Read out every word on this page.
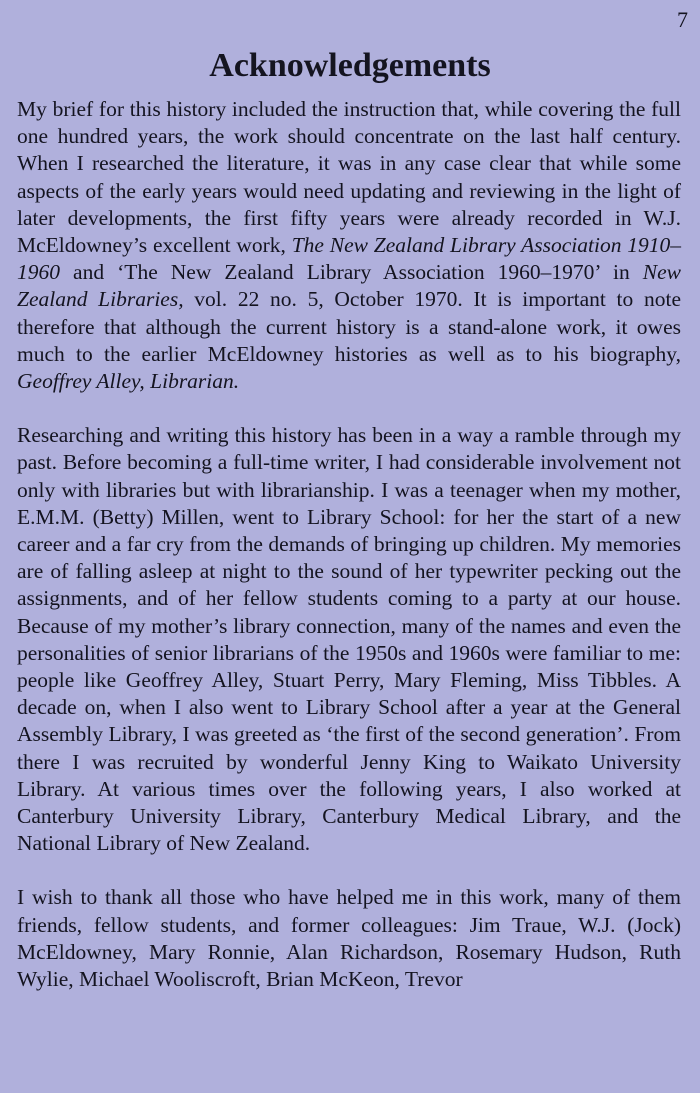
7
Acknowledgements

My brief for this history included the instruction that, while covering the full one hundred years, the work should concentrate on the last half century. When I researched the literature, it was in any case clear that while some aspects of the early years would need updating and reviewing in the light of later developments, the first fifty years were already recorded in W.J. McEldowney’s excellent work, The New Zealand Library Association 1910–1960 and ‘The New Zealand Library Association 1960–1970’ in New Zealand Libraries, vol. 22 no. 5, October 1970. It is important to note therefore that although the current history is a stand-alone work, it owes much to the earlier McEldowney histories as well as to his biography, Geoffrey Alley, Librarian.

Researching and writing this history has been in a way a ramble through my past. Before becoming a full-time writer, I had considerable involvement not only with libraries but with librarianship. I was a teenager when my mother, E.M.M. (Betty) Millen, went to Library School: for her the start of a new career and a far cry from the demands of bringing up children. My memories are of falling asleep at night to the sound of her typewriter pecking out the assignments, and of her fellow students coming to a party at our house. Because of my mother’s library connection, many of the names and even the personalities of senior librarians of the 1950s and 1960s were familiar to me: people like Geoffrey Alley, Stuart Perry, Mary Fleming, Miss Tibbles. A decade on, when I also went to Library School after a year at the General Assembly Library, I was greeted as ‘the first of the second generation’. From there I was recruited by wonderful Jenny King to Waikato University Library. At various times over the following years, I also worked at Canterbury University Library, Canterbury Medical Library, and the National Library of New Zealand.

I wish to thank all those who have helped me in this work, many of them friends, fellow students, and former colleagues: Jim Traue, W.J. (Jock) McEldowney, Mary Ronnie, Alan Richardson, Rosemary Hudson, Ruth Wylie, Michael Wooliscroft, Brian McKeon, Trevor
